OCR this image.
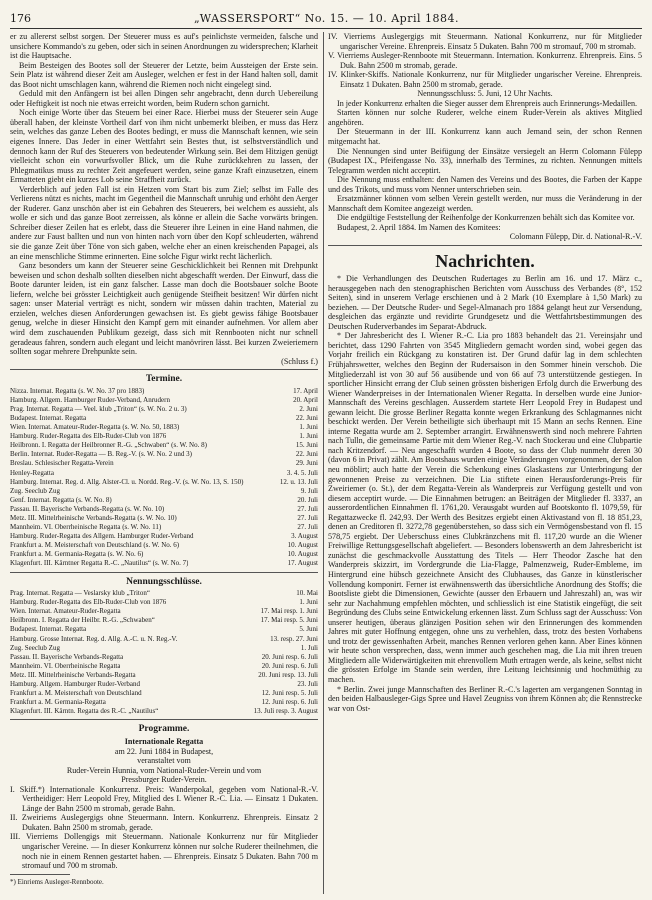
176	„WASSERSPORT“ No. 15. — 10. April 1884.

er zu allererst selbst sorgen. Der Steuerer muss es auf's peinlichste vermeiden, falsche und unsichere Kommando's zu geben, oder sich in seinen Anordnungen zu widersprechen; Klarheit ist die Hauptsache.

Beim Besteigen des Bootes soll der Steuerer der Letzte, beim Aussteigen der Erste sein. Sein Platz ist während dieser Zeit am Ausleger, welchen er fest in der Hand halten soll, damit das Boot nicht umschlagen kann, während die Riemen noch nicht eingelegt sind.

Geduld mit den Anfängern ist bei allen Dingen sehr angebracht, denn durch Uebereilung oder Heftigkeit ist noch nie etwas erreicht worden, beim Rudern schon garnicht.

Noch einige Worte über das Steuern bei einer Race. Hierbei muss der Steuerer sein Auge überall haben, der kleinste Vortheil darf von ihm nicht unbemerkt bleiben, er muss das Herz sein, welches das ganze Leben des Bootes bedingt, er muss die Mannschaft kennen, wie sein eigenes Innere. Das Jeder in einer Wettfahrt sein Bestes thut, ist selbstverständlich und dennoch kann der Ruf des Steuerers von bedeutender Wirkung sein. Bei dem Hitzigen genügt vielleicht schon ein vorwurfsvoller Blick, um die Ruhe zurückkehren zu lassen, der Phlegmatikus muss zu rechter Zeit angefeuert werden, seine ganze Kraft einzusetzen, einem Ermatteten giebt ein kurzes Lob seine Straffheit zurück.

Verderblich auf jeden Fall ist ein Hetzen vom Start bis zum Ziel; selbst im Falle des Verlierens nützt es nichts, macht im Gegentheil die Mannschaft unruhig und erhöht den Aerger der Ruderer. Ganz unschön aber ist ein Gebahren des Steuerers, bei welchem es aussieht, als wolle er sich und das ganze Boot zerreissen, als könne er allein die Sache vorwärts bringen. Schreiber dieser Zeilen hat es erlebt, dass die Steuerer ihre Leinen in eine Hand nahmen, die andere zur Faust ballten und nun von hinten nach vorn über den Kopf schleuderten, während sie die ganze Zeit über Töne von sich gaben, welche eher an einen kreischenden Papagei, als an eine menschliche Stimme erinnerten. Eine solche Figur wirkt recht lächerlich.

Ganz besonders um kann der Steuerer seine Geschicklichkeit bei Rennen mit Drehpunkt beweisen und schon deshalb sollten dieselben nicht abgeschafft werden. Der Einwurf, dass die Boote darunter leiden, ist ein ganz falscher. Lasse man doch die Bootsbauer solche Boote liefern, welche bei grösster Leichtigkeit auch genügende Steifheit besitzen! Wir dürfen nicht sagen: unser Material verträgt es nicht, sondern wir müssen dahin trachten, Material zu erzielen, welches diesen Anforderungen gewachsen ist. Es giebt gewiss fähige Bootsbauer genug, welche in dieser Hinsicht den Kampf gern mit einander aufnehmen. Vor allem aber wird dem zuschauenden Publikum gezeigt, dass sich mit Rennbooten nicht nur schnell geradeaus fahren, sondern auch elegant und leicht manövriren lässt. Bei kurzen Zweieriemern sollten sogar mehrere Drehpunkte sein.

(Schluss f.)
Termine.
Nizza. Internat. Regatta (s. W. No. 37 pro 1883)	17. April
Hamburg. Allgem. Hamburger Ruder-Verband, Anrudern	20. April
Prag. Internat. Regatta — Veel. klub „Triton“ (s. W. No. 2 u. 3)	2. Juni
Budapest. Internat. Regatta	22. Juni
Wien. Internat. Amateur-Ruder-Regatta (s. W. No. 50, 1883)	1. Juni
Hamburg. Ruder-Regatta des Elb-Ruder-Club von 1876	1. Juni
Heilbronn. I. Regatta der Heilbronner R.-G. „Schwaben“ (s. W. No. 8)	15. Juni
Berlin. Internat. Ruder-Regatta — B. Reg.-V. (s. W. No. 2 und 3)	22. Juni
Breslau. Schlesischer Regatta-Verein	29. Juni
Henley-Regatta	3. 4. 5. Juli
Hamburg. Internat. Reg. d. Allg. Alster-Cl. u. Nordd. Reg.-V. (s. W. No. 13, S. 150)	12. u. 13. Juli
Zug. Seeclub Zug	9. Juli
Genf. Internat. Regatta (s. W. No. 8)	20. Juli
Passau. II. Bayerische Verbands-Regatta (s. W. No. 10)	27. Juli
Metz. III. Mittelrheinische Verbands-Regatta (s. W. No. 10)	27. Juli
Mannheim. VI. Oberrheinische Regatta (s. W. No. 11)	27. Juli
Hamburg. Ruder-Regatta des Allgem. Hamburger Ruder-Verband	3. August
Frankfurt a. M. Meisterschaft von Deutschland (s. W. No. 6)	10. August
Frankfurt a. M. Germania-Regatta (s. W. No. 6)	10. August
Klagenfurt. III. Kärntner Regatta R.-C. „Nautilus“ (s. W. No. 7)	17. August
Nennungsschlüsse.
Prag. Internat. Regatta — Veslarsky klub „Triton“	10. Mai
Hamburg. Ruder-Regatta des Elb-Ruder-Club von 1876	1. Juni
Wien. Internat. Amateur-Ruder-Regatta	17. Mai resp. 1. Juni
Heilbronn. I. Regatta der Heilbr. R.-G. „Schwaben“	17. Mai resp. 5. Juni
Budapest. Internat. Regatta	5. Juni
Hamburg. Grosse Internat. Reg. d. Allg. A.-C. u. N. Reg.-V.	13. resp. 27. Juni
Zug. Seeclub Zug	1. Juli
Passau. II. Bayerische Verbands-Regatta	20. Juni resp. 6. Juli
Mannheim. VI. Oberrheinische Regatta	20. Juni resp. 6. Juli
Metz. III. Mittelrheinische Verbands-Regatta	20. Juni resp. 13. Juli
Hamburg. Allgem. Hamburger Ruder-Verband	23. Juli
Frankfurt a. M. Meisterschaft von Deutschland	12. Juni resp. 5. Juli
Frankfurt a. M. Germania-Regatta	12. Juni resp. 6. Juli
Klagenfurt. III. Kärntn. Regatta des R.-C. „Nautilus“	13. Juli resp. 3. August
Programme.
Internationale Regatta
am 22. Juni 1884 in Budapest,
veranstaltet vom
Ruder-Verein Hunnia, vom National-Ruder-Verein und vom
Pressburger Ruder-Verein.
I. Skiff.*) Internationale Konkurrenz. Preis: Wanderpokal, gegeben vom National-R.-V. Vertheidiger: Herr Leopold Frey, Mitglied des I. Wiener R.-C. Lia. — Einsatz 1 Dukaten. Länge der Bahn 2500 m stromab, gerade Bahn.
II. Zweiriems Auslegergigs ohne Steuermann. Intern. Konkurrenz. Ehrenpreis. Einsatz 2 Dukaten. Bahn 2500 m stromab, gerade.
III. Vierriems Dollengigs mit Steuermann. Nationale Konkurrenz nur für Mitglieder ungarischer Vereine. — In dieser Konkurrenz können nur solche Ruderer theilnehmen, die noch nie in einem Rennen gestartet haben. — Ehrenpreis. Einsatz 5 Dukaten. Bahn 700 m stromauf und 700 m stromab.
*) Einriems Ausleger-Rennboote.
IV. Vierriems Auslegergigs mit Steuermann. National Konkurrenz, nur für Mitglieder ungarischer Vereine. Ehrenpreis. Einsatz 5 Dukaten. Bahn 700 m stromauf, 700 m stromab.
V. Vierriems Ausleger-Rennboote mit Steuermann. Internation. Konkurrenz. Ehrenpreis. Eins. 5 Duk. Bahn 2500 m stromab, gerade.
IV. Klinker-Skiffs. Nationale Konkurrenz, nur für Mitglieder ungarischer Vereine. Ehrenpreis. Einsatz 1 Dukaten. Bahn 2500 m stromab, gerade.
Nennungsschluss: 5. Juni, 12 Uhr Nachts.

In jeder Konkurrenz erhalten die Sieger ausser dem Ehrenpreis auch Erinnerungs-Medaillen.

Starten können nur solche Ruderer, welche einem Ruder-Verein als aktives Mitglied angehören.

Der Steuermann in der III. Konkurrenz kann auch Jemand sein, der schon Rennen mitgemacht hat.

Die Nennungen sind unter Beifügung der Einsätze versiegelt an Herrn Colomann Fülepp (Budapest IX., Pfeifengasse No. 33), innerhalb des Termines, zu richten. Nennungen mittels Telegramm werden nicht acceptirt.

Die Nennung muss enthalten: den Namen des Vereins und des Bootes, die Farben der Kappe und des Trikots, und muss vom Nenner unterschrieben sein.

Ersatzmänner können vom selben Verein gestellt werden, nur muss die Veränderung in der Mannschaft dem Komitee angezeigt werden.

Die endgültige Feststellung der Reihenfolge der Konkurrenzen behält sich das Komitee vor.

Budapest, 2. April 1884. Im Namen des Komitees:

Colomann Fülepp, Dir. d. National-R.-V.
Nachrichten.

* Die Verhandlungen des Deutschen Rudertages zu Berlin am 16. und 17. März c., herausgegeben nach den stenographischen Berichten vom Ausschuss des Verbandes (8°, 152 Seiten), sind in unserem Verlage erschienen und à 2 Mark (10 Exemplare à 1,50 Mark) zu beziehen. — Der Deutsche Ruder- und Segel-Almanach pro 1884 gelangt heut zur Versendung, desgleichen das ergänzte und revidirte Grundgesetz und die Wettfahrtsbestimmungen des Deutschen Ruderverbandes im Separat-Abdruck.

* Der Jahresbericht des I. Wiener R.-C. Lia pro 1883 behandelt das 21. Vereinsjahr und berichtet, dass 1290 Fahrten von 3545 Mitgliedern gemacht worden sind, wobei gegen das Vorjahr freilich ein Rückgang zu konstatiren ist. Der Grund dafür lag in dem schlechten Frühjahrswetter, welches den Beginn der Rudersaison in den Sommer hinein verschob. Die Mitgliederzahl ist von 30 auf 56 ausübende und von 66 auf 73 unterstützende gestiegen. In sportlicher Hinsicht errang der Club seinen grössten bisherigen Erfolg durch die Erwerbung des Wiener Wanderpreises in der Internationalen Wiener Regatta. In derselben wurde eine Junior-Mannschaft des Vereins geschlagen. Ausserdem startete Herr Leopold Frey in Budapest und gewann leicht. Die grosse Berliner Regatta konnte wegen Erkrankung des Schlagmannes nicht beschickt werden. Der Verein betheiligte sich überhaupt mit 15 Mann an sechs Rennen. Eine interne Regatta wurde am 2. September arrangirt. Erwähnenswerth sind noch mehrere Fahrten nach Tulln, die gemeinsame Partie mit dem Wiener Reg.-V. nach Stockerau und eine Clubpartie nach Kritzendorf. — Neu angeschafft wurden 4 Boote, so dass der Club nunmehr deren 30 (davon 6 in Privat) zählt. Am Bootshaus wurden einige Veränderungen vorgenommen, der Salon neu möblirt; auch hatte der Verein die Schenkung eines Glaskastens zur Unterbringung der gewonnenen Preise zu verzeichnen. Die Lia stiftete einen Herausforderungs-Preis für Zweiriemer (o. St.), der dem Regatta-Verein als Wanderpreis zur Verfügung gestellt und von diesem acceptirt wurde. — Die Einnahmen betrugen: an Beiträgen der Mitglieder fl. 3337, an ausserordentlichen Einnahmen fl. 1761,20. Verausgabt wurden auf Bootskonto fl. 1079,59, für Regattazwecke fl. 242,93. Der Werth des Besitzes ergiebt einen Aktivastand von fl. 18 851,23, denen an Creditoren fl. 3272,78 gegenüberstehen, so dass sich ein Vermögensbestand von fl. 15 578,75 ergiebt. Der Ueberschuss eines Clubkränzchens mit fl. 117,20 wurde an die Wiener Freiwillige Rettungsgesellschaft abgeliefert. — Besonders lobenswerth an dem Jahresbericht ist zunächst die geschmackvolle Ausstattung des Titels — Herr Theodor Zasche hat den Wanderpreis skizzirt, im Vordergrunde die Lia-Flagge, Palmenzweig, Ruder-Embleme, im Hintergrund eine hübsch gezeichnete Ansicht des Clubhauses, das Ganze in künstlerischer Vollendung komponirt. Ferner ist erwähnenswerth das übersichtliche Anordnung des Stoffs; die Bootsliste giebt die Dimensionen, Gewichte (ausser den Erbauern und Jahreszahl) an, was wir sehr zur Nachahmung empfehlen möchten, und schliesslich ist eine Statistik eingefügt, die seit Begründung des Clubs seine Entwickelung erkennen lässt. Zum Schluss sagt der Ausschuss: Von unserer heutigen, überaus glänzigen Position sehen wir den Erinnerungen des kommenden Jahres mit guter Hoffnung entgegen, ohne uns zu verhehlen, dass, trotz des besten Vorhabens und trotz der gewissenhaften Arbeit, manches Rennen verloren gehen kann. Aber Eines können wir heute schon versprechen, dass, wenn immer auch geschehen mag, die Lia mit ihren treuen Mitgliedern alle Widerwärtigkeiten mit ehrenvollem Muth ertragen werde, als keine, selbst nicht die grössten Erfolge im Stande sein werden, ihre Leitung leichtsinnig und hochmüthig zu machen.

* Berlin. Zwei junge Mannschaften des Berliner R.-C.'s lagerten am vergangenen Sonntag in den beiden Halbausleger-Gigs Spree und Havel Zeugniss von ihrem Können ab; die Rennstrecke war von Ost-
